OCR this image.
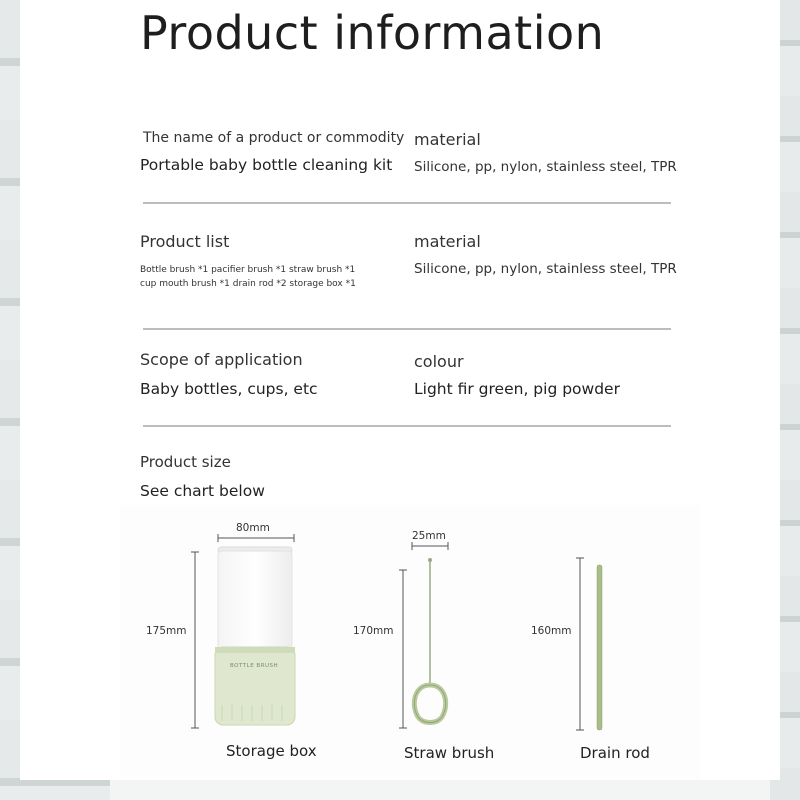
Product information
The name of a product or commodity
Portable baby bottle cleaning kit
material
Silicone, pp, nylon, stainless steel, TPR
Product list
Bottle brush *1 pacifier brush *1 straw brush *1
cup mouth brush *1 drain rod *2 storage box *1
material
Silicone, pp, nylon, stainless steel, TPR
Scope of application
Baby bottles, cups, etc
colour
Light fir green, pig powder
Product size
See chart below
80mm
BOTTLE BRUSH
175mm
Storage box
25mm
170mm
Straw brush
160mm
Drain rod
